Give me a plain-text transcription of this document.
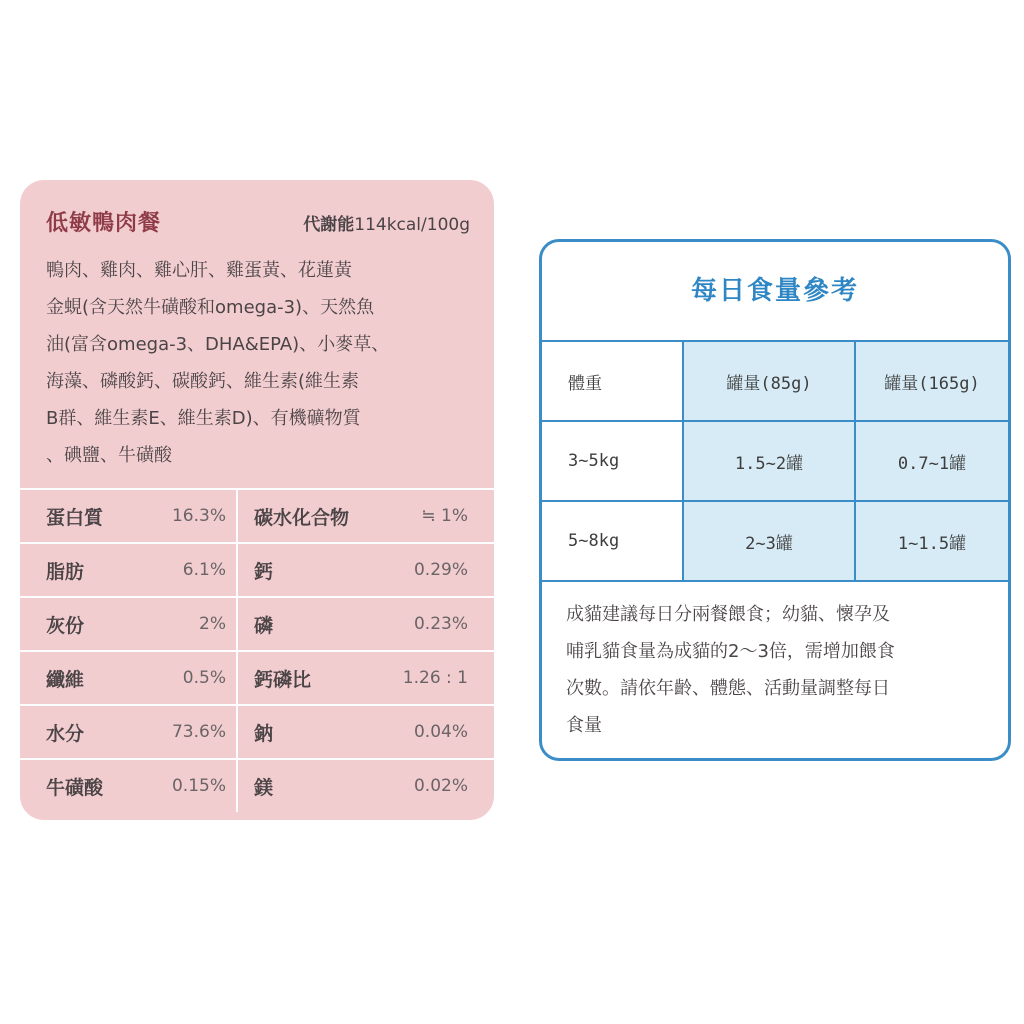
低敏鴨肉餐	代謝能114kcal/100g
鴨肉、雞肉、雞心肝、雞蛋黃、花蓮黃
金蜆(含天然牛磺酸和omega-3)、天然魚
油(富含omega-3、DHA&EPA)、小麥草、
海藻、磷酸鈣、碳酸鈣、維生素(維生素
B群、維生素E、維生素D)、有機礦物質
、碘鹽、牛磺酸
蛋白質	16.3%	碳水化合物	≒ 1%
脂肪	6.1%	鈣	0.29%
灰份	2%	磷	0.23%
纖維	0.5%	鈣磷比	1.26 : 1
水分	73.6%	鈉	0.04%
牛磺酸	0.15%	鎂	0.02%
每日食量參考
體重	罐量(85g)	罐量(165g)
3~5kg	1.5~2罐	0.7~1罐
5~8kg	2~3罐	1~1.5罐
成貓建議每日分兩餐餵食；幼貓、懷孕及
哺乳貓食量為成貓的2～3倍，需增加餵食
次數。請依年齡、體態、活動量調整每日
食量
